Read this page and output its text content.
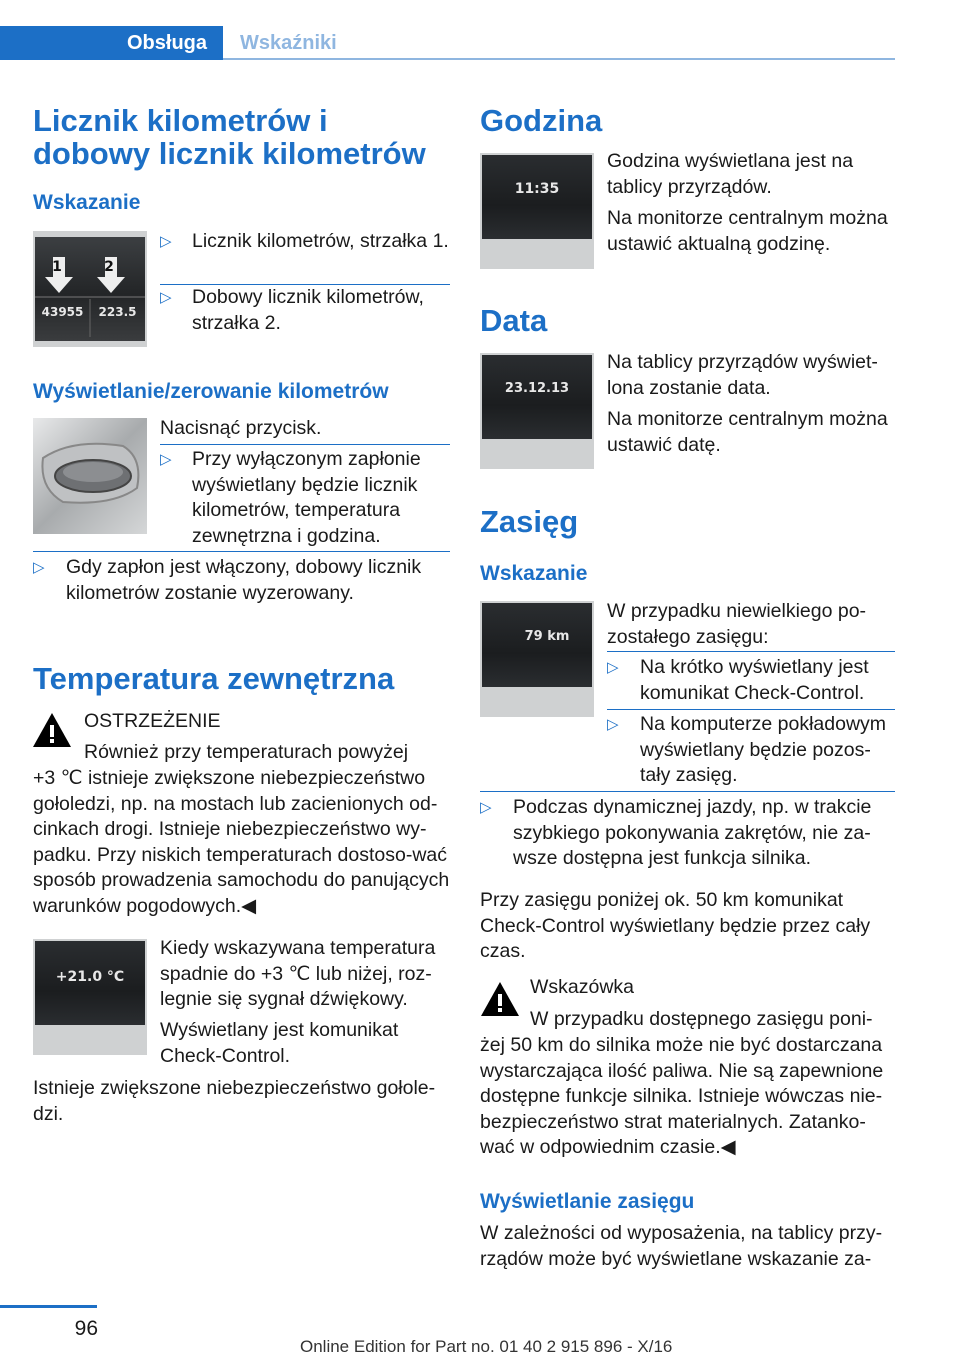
Obsługa	Wskaźniki
Licznik kilometrów i dobowy licznik kilometrów
Wskazanie
1	2
43955	223.5
▷ Licznik kilometrów, strzałka 1.
▷ Dobowy licznik kilometrów, strzałka 2.
Wyświetlanie/zerowanie kilometrów
Nacisnąć przycisk.
▷ Przy wyłączonym zapłonie wyświetlany będzie licznik kilometrów, temperatura zewnętrzna i godzina.
▷ Gdy zapłon jest włączony, dobowy licznik kilometrów zostanie wyzerowany.
Temperatura zewnętrzna
OSTRZEŻENIE
Również przy temperaturach powyżej
+3 ℃ istnieje zwiększone niebezpieczeństwo gołoledzi, np. na mostach lub zacienionych od-cinkach drogi. Istnieje niebezpieczeństwo wy-padku. Przy niskich temperaturach dostoso-wać sposób prowadzenia samochodu do panujących warunków pogodowych.◀
+21.0 °C
Kiedy wskazywana temperatura spadnie do +3 ℃ lub niżej, roz-legnie się sygnał dźwiękowy.
Wyświetlany jest komunikat Check-Control.
Istnieje zwiększone niebezpieczeństwo gołole-dzi.
Godzina
11:35
Godzina wyświetlana jest na tablicy przyrządów.
Na monitorze centralnym można ustawić aktualną godzinę.
Data
23.12.13
Na tablicy przyrządów wyświet-lona zostanie data.
Na monitorze centralnym można ustawić datę.
Zasięg
Wskazanie
79 km
W przypadku niewielkiego po-zostałego zasięgu:
▷ Na krótko wyświetlany jest komunikat Check-Control.
▷ Na komputerze pokładowym wyświetlany będzie pozos-tały zasięg.
▷ Podczas dynamicznej jazdy, np. w trakcie szybkiego pokonywania zakrętów, nie za-wsze dostępna jest funkcja silnika.
Przy zasięgu poniżej ok. 50 km komunikat Check-Control wyświetlany będzie przez cały czas.
Wskazówka
W przypadku dostępnego zasięgu poni-
żej 50 km do silnika może nie być dostarczana wystarczająca ilość paliwa. Nie są zapewnione dostępne funkcje silnika. Istnieje wówczas nie-bezpieczeństwo strat materialnych. Zatanko-wać w odpowiednim czasie.◀
Wyświetlanie zasięgu
W zależności od wyposażenia, na tablicy przy-rządów może być wyświetlane wskazanie za-
96
Online Edition for Part no. 01 40 2 915 896 - X/16
